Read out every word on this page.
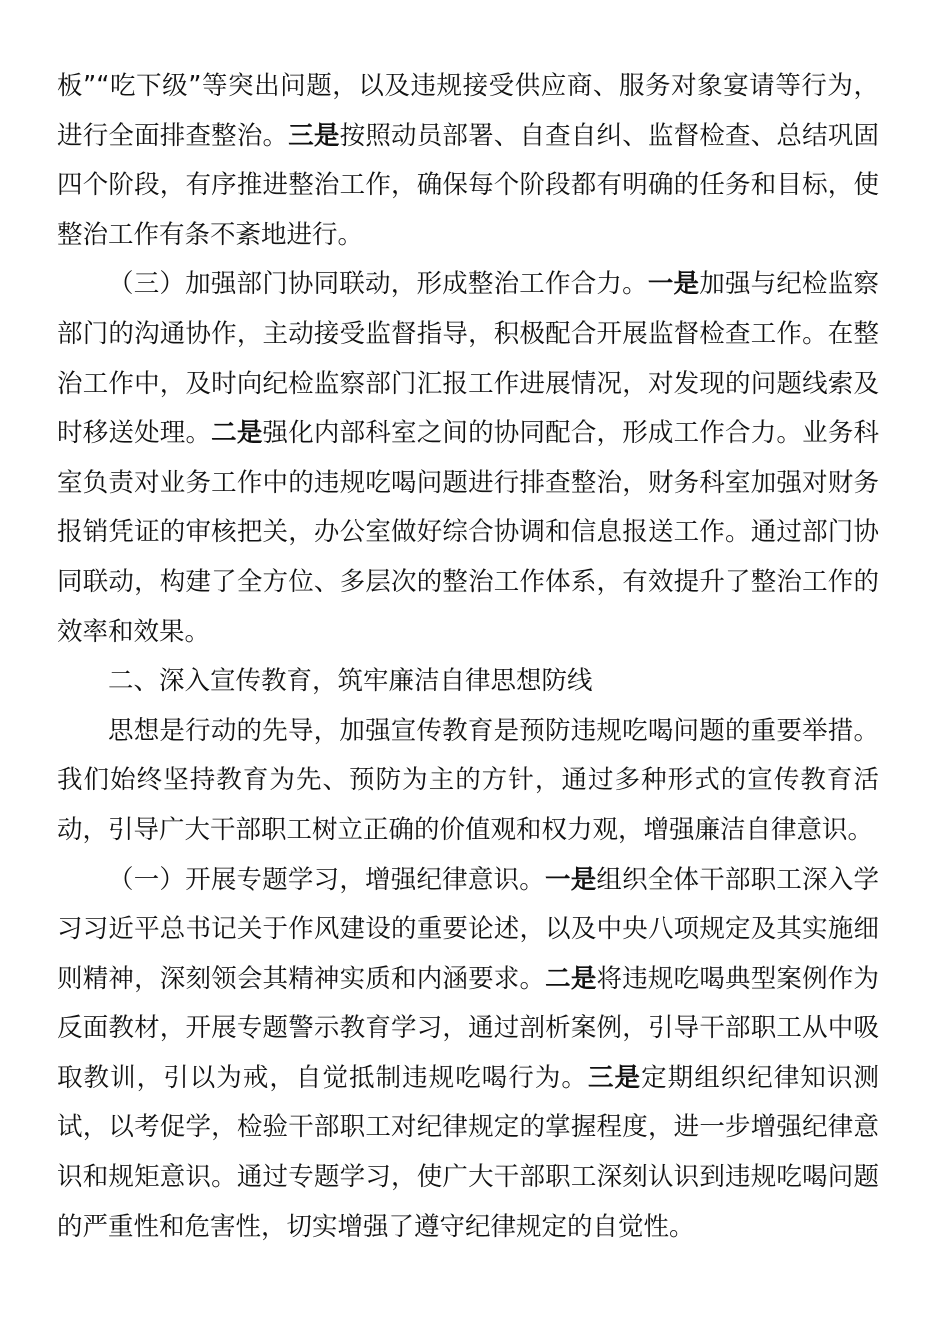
板”“吃下级”等突出问题，以及违规接受供应商、服务对象宴请等行为，进行全面排查整治。三是按照动员部署、自查自纠、监督检查、总结巩固四个阶段，有序推进整治工作，确保每个阶段都有明确的任务和目标，使整治工作有条不紊地进行。

（三）加强部门协同联动，形成整治工作合力。一是加强与纪检监察部门的沟通协作，主动接受监督指导，积极配合开展监督检查工作。在整治工作中，及时向纪检监察部门汇报工作进展情况，对发现的问题线索及时移送处理。二是强化内部科室之间的协同配合，形成工作合力。业务科室负责对业务工作中的违规吃喝问题进行排查整治，财务科室加强对财务报销凭证的审核把关，办公室做好综合协调和信息报送工作。通过部门协同联动，构建了全方位、多层次的整治工作体系，有效提升了整治工作的效率和效果。

二、深入宣传教育，筑牢廉洁自律思想防线

思想是行动的先导，加强宣传教育是预防违规吃喝问题的重要举措。我们始终坚持教育为先、预防为主的方针，通过多种形式的宣传教育活动，引导广大干部职工树立正确的价值观和权力观，增强廉洁自律意识。

（一）开展专题学习，增强纪律意识。一是组织全体干部职工深入学习习近平总书记关于作风建设的重要论述，以及中央八项规定及其实施细则精神，深刻领会其精神实质和内涵要求。二是将违规吃喝典型案例作为反面教材，开展专题警示教育学习，通过剖析案例，引导干部职工从中吸取教训，引以为戒，自觉抵制违规吃喝行为。三是定期组织纪律知识测试，以考促学，检验干部职工对纪律规定的掌握程度，进一步增强纪律意识和规矩意识。通过专题学习，使广大干部职工深刻认识到违规吃喝问题的严重性和危害性，切实增强了遵守纪律规定的自觉性。
